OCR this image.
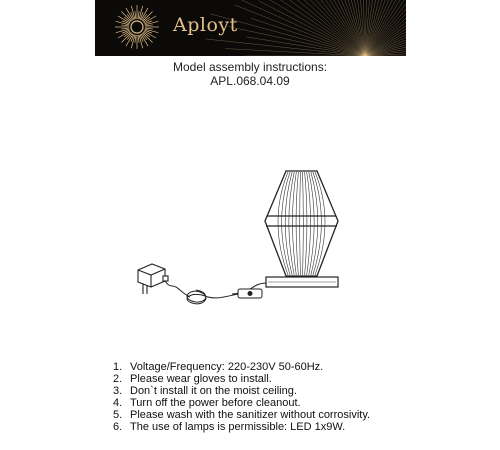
Aployt
Model assembly instructions:
APL.068.04.09
1. Voltage/Frequency: 220-230V 50-60Hz.
2. Please wear gloves to install.
3. Don`t install it on the moist ceiling.
4. Turn off the power before cleanout.
5. Please wash with the sanitizer without corrosivity.
6. The use of lamps is permissible: LED 1x9W.
